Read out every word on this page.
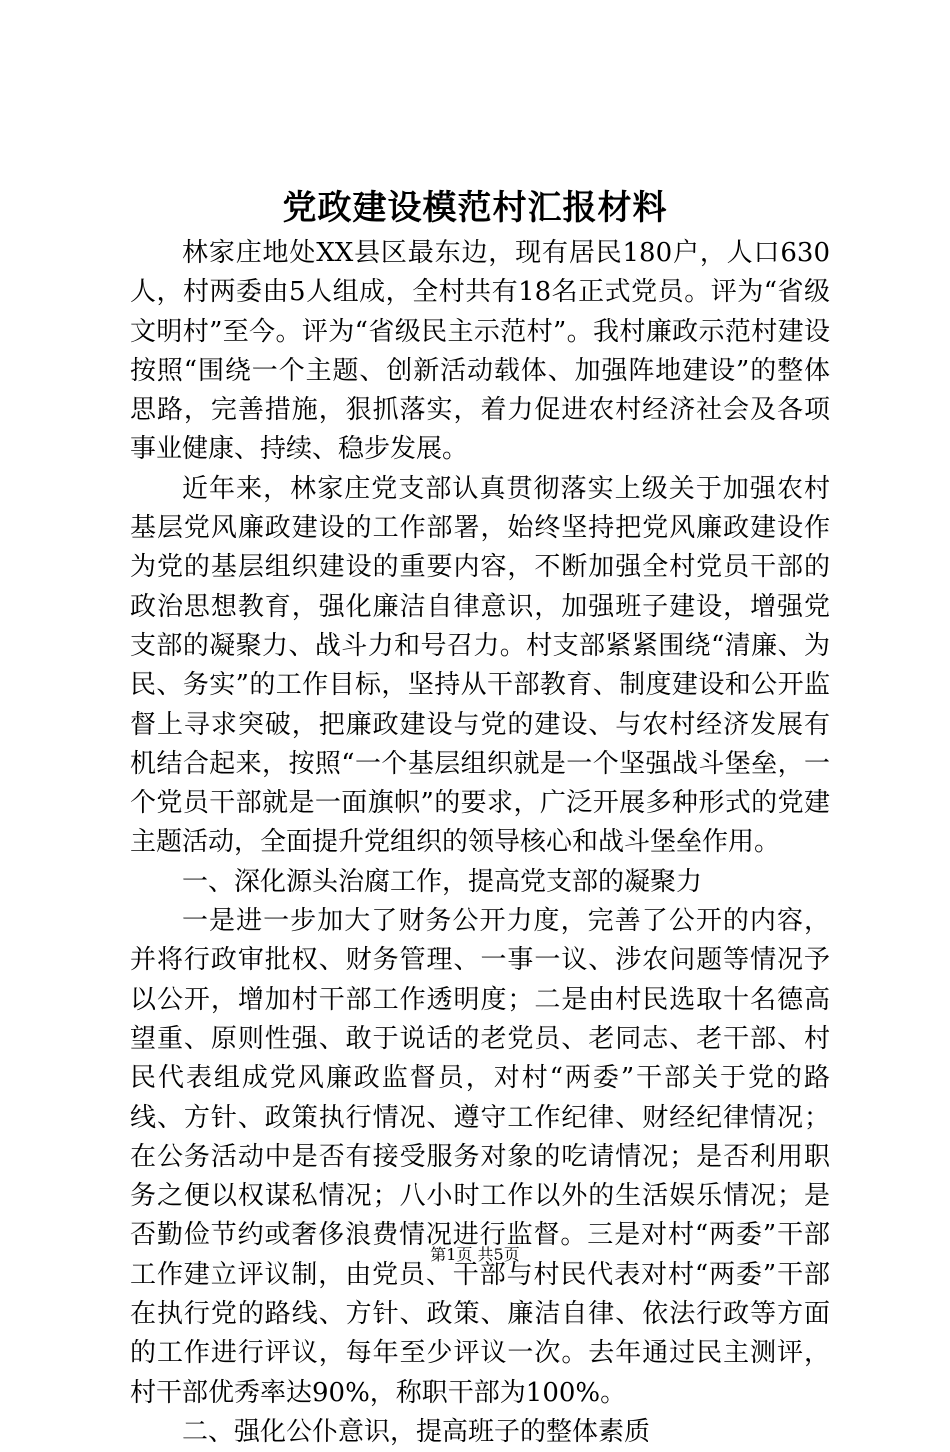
党政建设模范村汇报材料

林家庄地处XX县区最东边，现有居民180户，人口630人，村两委由5人组成，全村共有18名正式党员。评为“省级文明村”至今。评为“省级民主示范村”。我村廉政示范村建设按照“围绕一个主题、创新活动载体、加强阵地建设”的整体思路，完善措施，狠抓落实，着力促进农村经济社会及各项事业健康、持续、稳步发展。

近年来，林家庄党支部认真贯彻落实上级关于加强农村基层党风廉政建设的工作部署，始终坚持把党风廉政建设作为党的基层组织建设的重要内容，不断加强全村党员干部的政治思想教育，强化廉洁自律意识，加强班子建设，增强党支部的凝聚力、战斗力和号召力。村支部紧紧围绕“清廉、为民、务实”的工作目标，坚持从干部教育、制度建设和公开监督上寻求突破，把廉政建设与党的建设、与农村经济发展有机结合起来，按照“一个基层组织就是一个坚强战斗堡垒，一个党员干部就是一面旗帜”的要求，广泛开展多种形式的党建主题活动，全面提升党组织的领导核心和战斗堡垒作用。

一、深化源头治腐工作，提高党支部的凝聚力

一是进一步加大了财务公开力度，完善了公开的内容，并将行政审批权、财务管理、一事一议、涉农问题等情况予以公开，增加村干部工作透明度；二是由村民选取十名德高望重、原则性强、敢于说话的老党员、老同志、老干部、村民代表组成党风廉政监督员，对村“两委”干部关于党的路线、方针、政策执行情况、遵守工作纪律、财经纪律情况；在公务活动中是否有接受服务对象的吃请情况；是否利用职务之便以权谋私情况；八小时工作以外的生活娱乐情况；是否勤俭节约或奢侈浪费情况进行监督。三是对村“两委”干部工作建立评议制，由党员、干部与村民代表对村“两委”干部在执行党的路线、方针、政策、廉洁自律、依法行政等方面的工作进行评议，每年至少评议一次。去年通过民主测评，村干部优秀率达90%，称职干部为100%。

二、强化公仆意识，提高班子的整体素质

第1页 共5页
